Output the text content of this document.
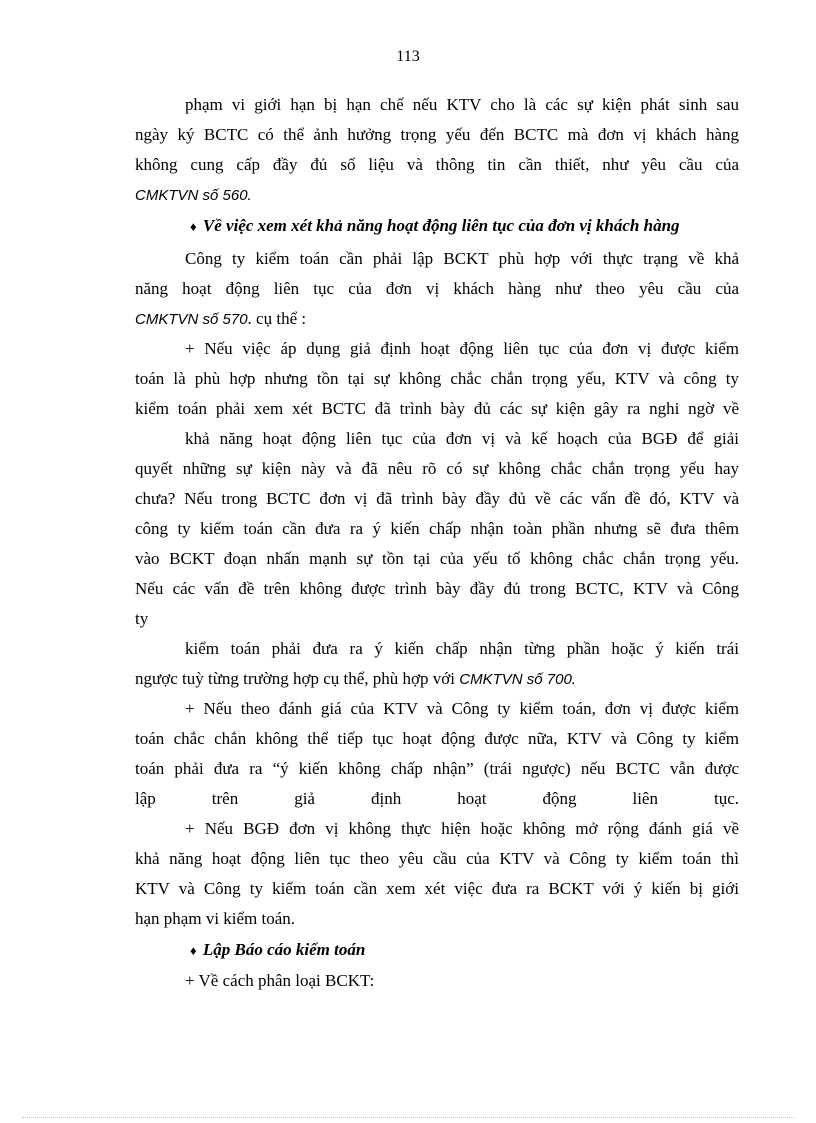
113
phạm vi giới hạn bị hạn chế nếu KTV cho là các sự kiện phát sinh sau
ngày ký BCTC có thể ảnh hưởng trọng yếu đến BCTC mà đơn vị khách hàng
không cung cấp đầy đủ số liệu và thông tin cần thiết, như yêu cầu của
CMKTVN số 560.
♦ Về việc xem xét khả năng hoạt động liên tục của đơn vị khách hàng
Công ty kiểm toán cần phải lập BCKT phù hợp với thực trạng về khả
năng hoạt động liên tục của đơn vị khách hàng như theo yêu cầu của
CMKTVN số 570. cụ thể :
+ Nếu việc áp dụng giả định hoạt động liên tục của đơn vị được kiểm
toán là phù hợp nhưng tồn tại sự không chắc chắn trọng yếu, KTV và công ty
kiểm toán phải xem xét BCTC đã trình bày đủ các sự kiện gây ra nghi ngờ về
khả năng hoạt động liên tục của đơn vị và kế hoạch của BGĐ để giải
quyết những sự kiện này và đã nêu rõ có sự không chắc chắn trọng yếu hay
chưa? Nếu trong BCTC đơn vị đã trình bày đầy đủ về các vấn đề đó, KTV và
công ty kiểm toán cần đưa ra ý kiến chấp nhận toàn phần nhưng sẽ đưa thêm
vào BCKT đoạn nhấn mạnh sự tồn tại của yếu tố không chắc chắn trọng yếu.
Nếu các vấn đề trên không được trình bày đầy đủ trong BCTC, KTV và Công
ty
kiểm toán phải đưa ra ý kiến chấp nhận từng phần hoặc ý kiến trái
ngược tuỳ từng trường hợp cụ thể, phù hợp với CMKTVN số 700.
+ Nếu theo đánh giá của KTV và Công ty kiểm toán, đơn vị được kiểm
toán chắc chắn không thể tiếp tục hoạt động được nữa, KTV và Công ty kiểm
toán phải đưa ra “ý kiến không chấp nhận” (trái ngược) nếu BCTC vẫn được
lập trên giả định hoạt động liên tục.
+ Nếu BGĐ đơn vị không thực hiện hoặc không mở rộng đánh giá về
khả năng hoạt động liên tục theo yêu cầu của KTV và Công ty kiểm toán thì
KTV và Công ty kiểm toán cần xem xét việc đưa ra BCKT với ý kiến bị giới
hạn phạm vi kiểm toán.
♦ Lập Báo cáo kiểm toán
+ Về cách phân loại BCKT:
